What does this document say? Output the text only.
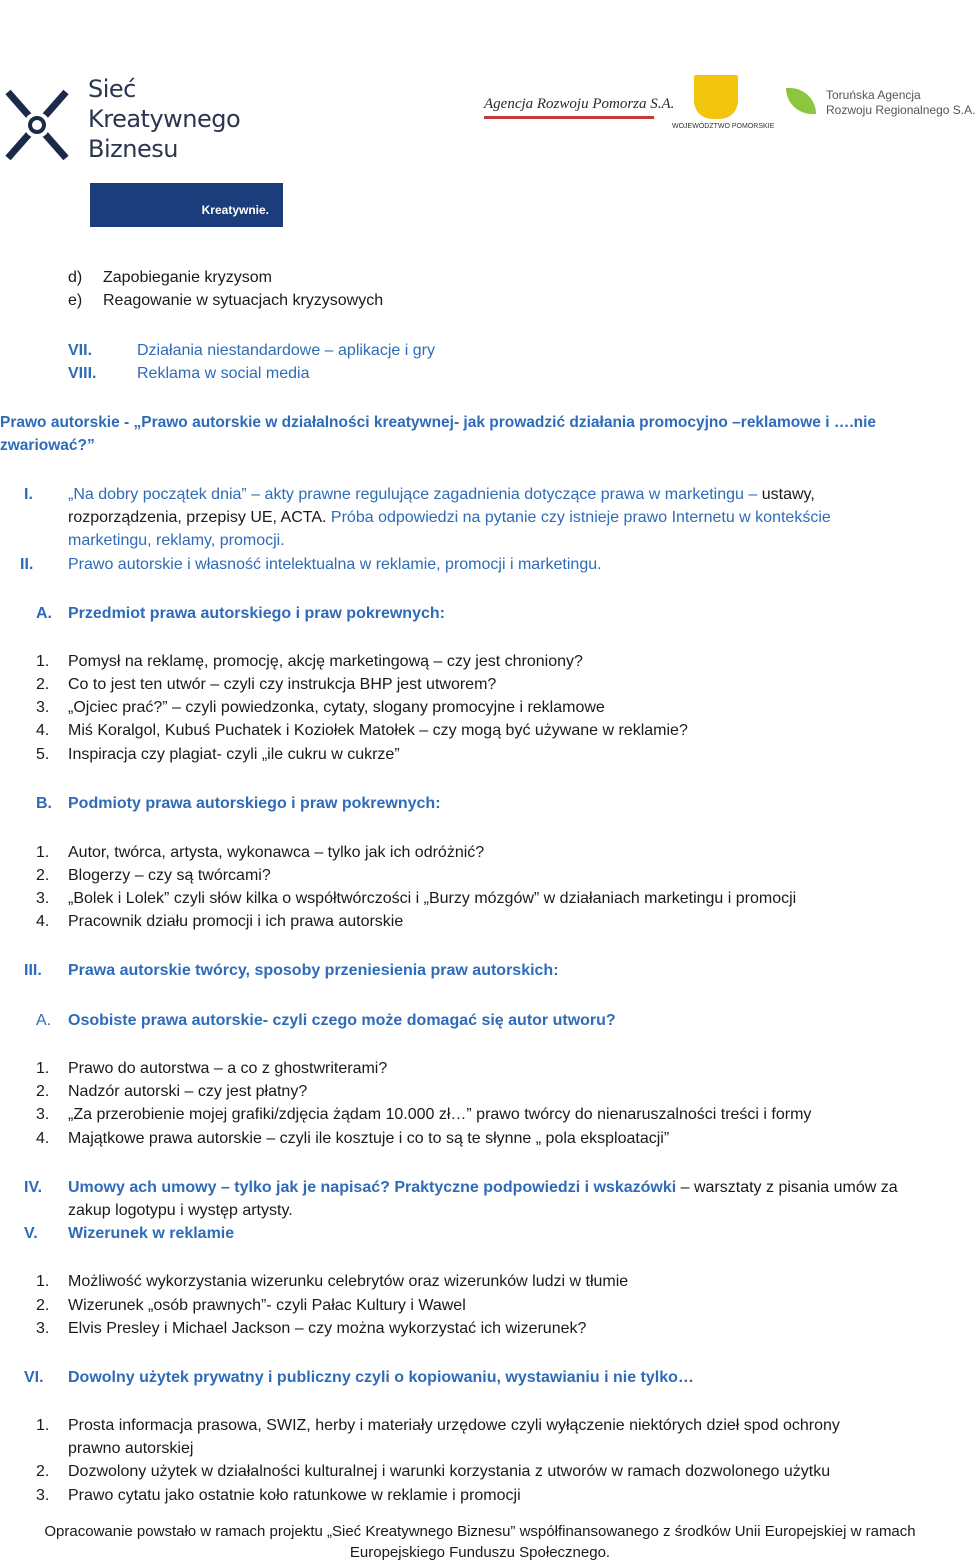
Sieć
Kreatywnego
Biznesu
Kreatywnie.
Agencja Rozwoju Pomorza S.A.
WOJEWÓDZTWO POMORSKIE
Toruńska Agencja
Rozwoju Regionalnego S.A.
d) Zapobieganie kryzysom
e) Reagowanie w sytuacjach kryzysowych
VII.	Działania niestandardowe – aplikacje i gry
VIII.	Reklama w social media
Prawo autorskie - „Prawo autorskie w działalności kreatywnej- jak prowadzić działania promocyjno –reklamowe i ….nie
zwariować?”
I. „Na dobry początek dnia” – akty prawne regulujące zagadnienia dotyczące prawa w marketingu – ustawy,
rozporządzenia, przepisy UE, ACTA. Próba odpowiedzi na pytanie czy istnieje prawo Internetu w kontekście
marketingu, reklamy, promocji.
II. Prawo autorskie i własność intelektualna w reklamie, promocji i marketingu.
A. Przedmiot prawa autorskiego i praw pokrewnych:
B. Podmioty prawa autorskiego i praw pokrewnych:
III. Prawa autorskie twórcy, sposoby przeniesienia praw autorskich:
A. Osobiste prawa autorskie- czyli czego może domagać się autor utworu?
IV. Umowy ach umowy – tylko jak je napisać? Praktyczne podpowiedzi i wskazówki – warsztaty z pisania umów za
zakup logotypu i występ artysty.
V. Wizerunek w reklamie
VI. Dowolny użytek prywatny i publiczny czyli o kopiowaniu, wystawianiu i nie tylko…
prawno autorskiej
Opracowanie powstało w ramach projektu „Sieć Kreatywnego Biznesu” współfinansowanego z środków Unii Europejskiej w ramach
Europejskiego Funduszu Społecznego.
1. Pomysł na reklamę, promocję, akcję marketingową – czy jest chroniony?
2. Co to jest ten utwór – czyli czy instrukcja BHP jest utworem?
3. „Ojciec prać?” – czyli powiedzonka, cytaty, slogany promocyjne i reklamowe
4. Miś Koralgol, Kubuś Puchatek i Koziołek Matołek – czy mogą być używane w reklamie?
5. Inspiracja czy plagiat- czyli „ile cukru w cukrze”
1. Autor, twórca, artysta, wykonawca – tylko jak ich odróżnić?
2. Blogerzy – czy są twórcami?
3. „Bolek i Lolek” czyli słów kilka o współtwórczości i „Burzy mózgów” w działaniach marketingu i promocji
4. Pracownik działu promocji i ich prawa autorskie
1. Prawo do autorstwa – a co z ghostwriterami?
2. Nadzór autorski – czy jest płatny?
3. „Za przerobienie mojej grafiki/zdjęcia żądam 10.000 zł…” prawo twórcy do nienaruszalności treści i formy
4. Majątkowe prawa autorskie – czyli ile kosztuje i co to są te słynne „ pola eksploatacji”
1. Możliwość wykorzystania wizerunku celebrytów oraz wizerunków ludzi w tłumie
2. Wizerunek „osób prawnych”- czyli Pałac Kultury i Wawel
3. Elvis Presley i Michael Jackson – czy można wykorzystać ich wizerunek?
1. Prosta informacja prasowa, SWIZ, herby i materiały urzędowe czyli wyłączenie niektórych dzieł spod ochrony
2. Dozwolony użytek w działalności kulturalnej i warunki korzystania z utworów w ramach dozwolonego użytku
3. Prawo cytatu jako ostatnie koło ratunkowe w reklamie i promocji
